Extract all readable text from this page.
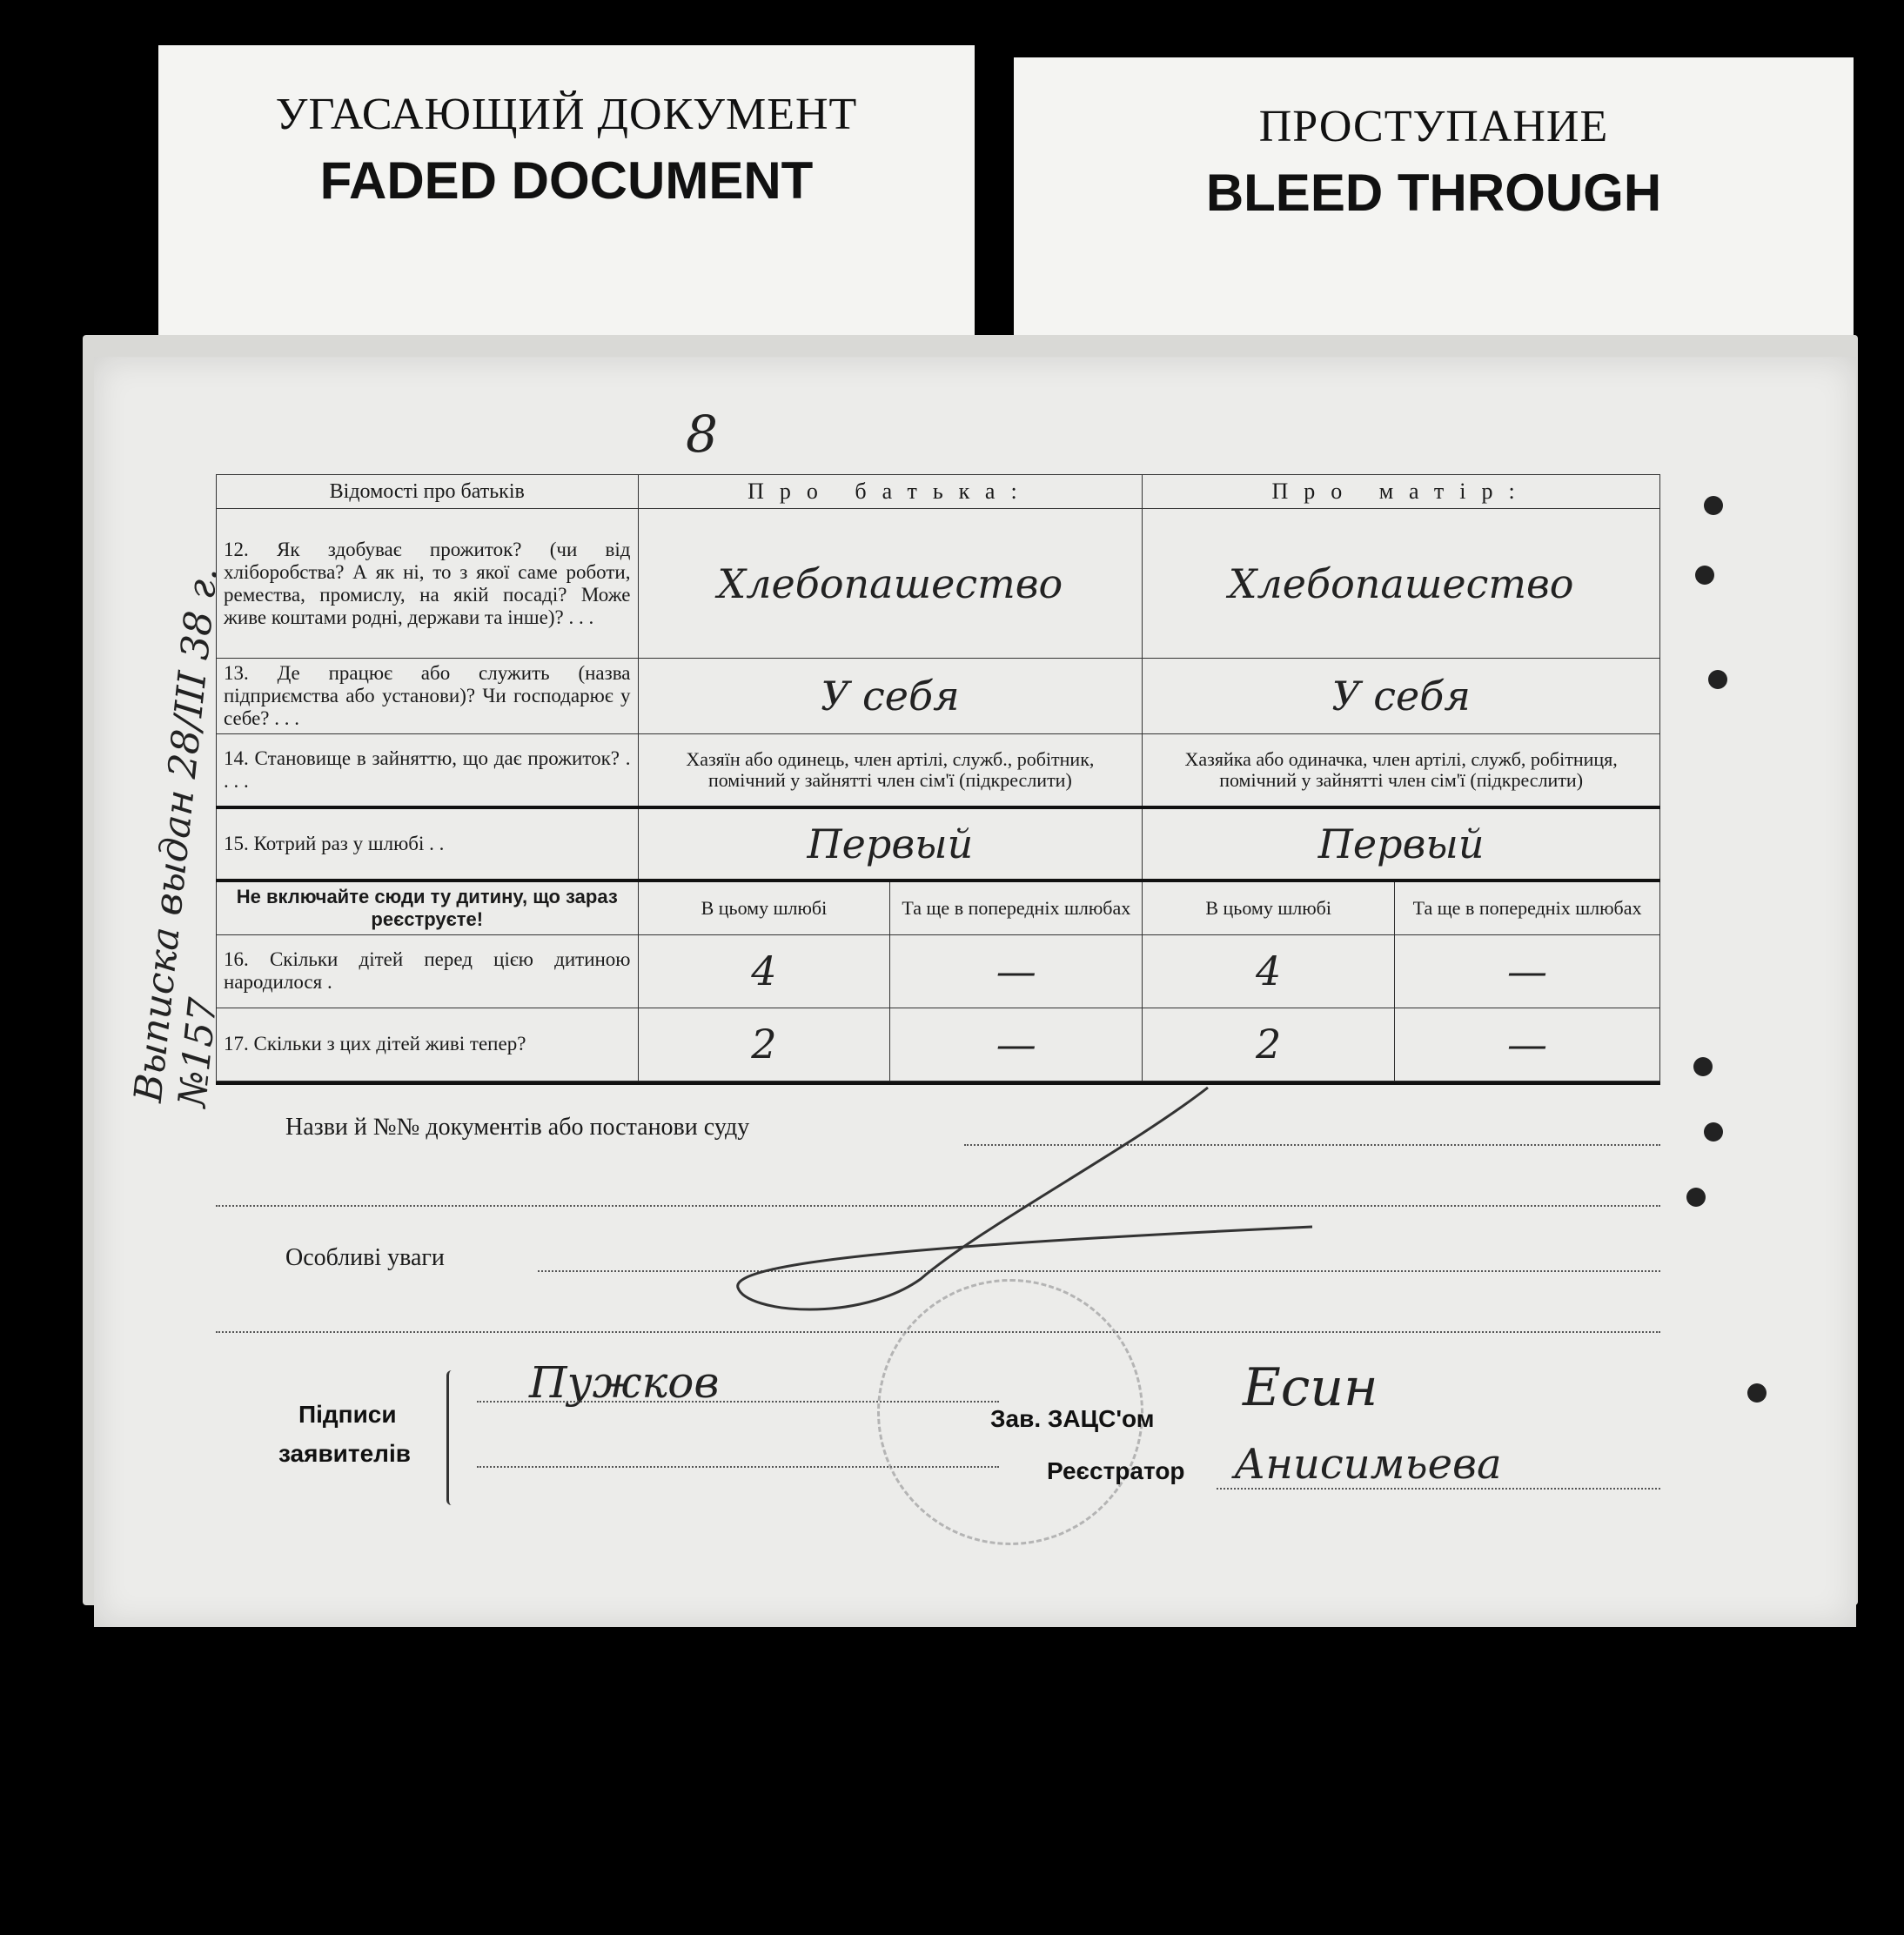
УГАСАЮЩИЙ ДОКУМЕНТ
FADED DOCUMENT
ПРОСТУПАНИЕ
BLEED THROUGH
Выписка выдан 28/III 38 г. №157
8
Відомості про батьків	Про батька:		Про матір:	
12. Як здобуває прожиток? (чи від хліборобства? А як ні, то з якої саме роботи, ремества, промислу, на якій посаді? Може живе коштами родні, держави та інше)? . . .	Хлебопашество		Хлебопашество	
13. Де працює або служить (назва підприємства або установи)? Чи господарює у себе? . . .	У себя		У себя	
14. Становище в зайняттю, що дає прожиток? . . . .	Хазяїн або одинець, член артілі, служб., робітник, помічний у зайнятті член сім'ї (підкреслити)		Хазяйка або одиначка, член артілі, служб, робітниця, помічний у зайнятті член сім'ї (підкреслити)	
15. Котрий раз у шлюбі . .	Первый		Первый	
Не включайте сюди ту дитину, що зараз реєструєте!	В цьому шлюбі	Та ще в попередніх шлюбах	В цьому шлюбі	Та ще в попередніх шлюбах
16. Скільки дітей перед цією дитиною народилося .	4	—	4	—
17. Скільки з цих дітей живі тепер?	2	—	2	—
Назви й №№ документів або постанови суду
Особливі уваги
Підписи
заявителів
Пужков
Зав. ЗАЦС'ом
Есин
Реєстратор Анисимьева
